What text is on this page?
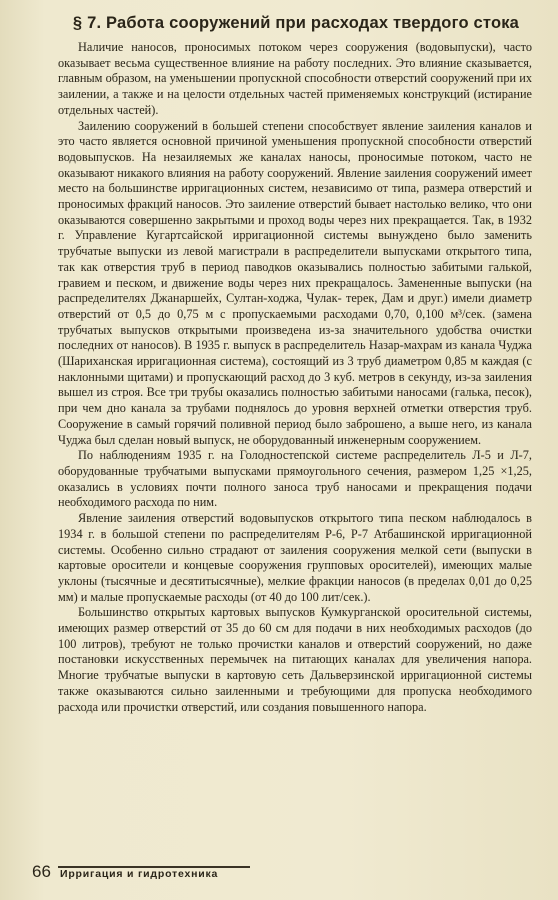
§ 7. Работа сооружений при расходах твердого стока

Наличие наносов, проносимых потоком через сооружения (водовыпуски), часто оказывает весьма существенное влияние на работу последних. Это влияние сказывается, главным образом, на уменьшении пропускной способности отверстий сооружений при их заилении, а также и на целости отдельных частей применяемых конструкций (истирание отдельных частей).

Заилению сооружений в большей степени способствует явление заиления каналов и это часто является основной причиной уменьшения пропускной способности отверстий водовыпусков. На незаиляемых же каналах наносы, проносимые потоком, часто не оказывают никакого влияния на работу сооружений. Явление заиления сооружений имеет место на большинстве ирригационных систем, независимо от типа, размера отверстий и проносимых фракций наносов. Это заиление отверстий бывает настолько велико, что они оказываются совершенно закрытыми и проход воды через них прекращается. Так, в 1932 г. Управление Кугартсайской ирригационной системы вынуждено было заменить трубчатые выпуски из левой магистрали в распределители выпусками открытого типа, так как отверстия труб в период паводков оказывались полностью забитыми галькой, гравием и песком, и движение воды через них прекращалось. Замененные выпуски (на распределителях Джанаршейх, Султан-ходжа, Чулак- терек, Дам и друг.) имели диаметр отверстий от 0,5 до 0,75 м с пропускаемыми расходами 0,70, 0,100 м³/сек. (замена трубчатых выпусков открытыми произведена из-за значительного удобства очистки последних от наносов). В 1935 г. выпуск в распределитель Назар-махрам из канала Чуджа (Шариханская ирригационная система), состоящий из 3 труб диаметром 0,85 м каждая (с наклонными щитами) и пропускающий расход до 3 куб. метров в секунду, из-за заиления вышел из строя. Все три трубы оказались полностью забитыми наносами (галька, песок), при чем дно канала за трубами поднялось до уровня верхней отметки отверстия труб. Сооружение в самый горячий поливной период было заброшено, а выше него, из канала Чуджа был сделан новый выпуск, не оборудованный инженерным сооружением.

По наблюдениям 1935 г. на Голодностепской системе распределитель Л-5 и Л-7, оборудованные трубчатыми выпусками прямоугольного сечения, размером 1,25 ×1,25, оказались в условиях почти полного заноса труб наносами и прекращения подачи необходимого расхода по ним.

Явление заиления отверстий водовыпусков открытого типа песком наблюдалось в 1934 г. в большой степени по распределителям Р-6, Р-7 Атбашинской ирригационной системы. Особенно сильно страдают от заиления сооружения мелкой сети (выпуски в картовые оросители и концевые сооружения групповых оросителей), имеющих малые уклоны (тысячные и десятитысячные), мелкие фракции наносов (в пределах 0,01 до 0,25 мм) и малые пропускаемые расходы (от 40 до 100 лит/сек.).

Большинство открытых картовых выпусков Кумкурганской оросительной системы, имеющих размер отверстий от 35 до 60 см для подачи в них необходимых расходов (до 100 литров), требуют не только прочистки каналов и отверстий сооружений, но даже постановки искусственных перемычек на питающих каналах для увеличения напора. Многие трубчатые выпуски в картовую сеть Дальверзинской ирригационной системы также оказываются сильно заиленными и требующими для пропуска необходимого расхода или прочистки отверстий, или создания повышенного напора.

66 Ирригация и гидротехника
